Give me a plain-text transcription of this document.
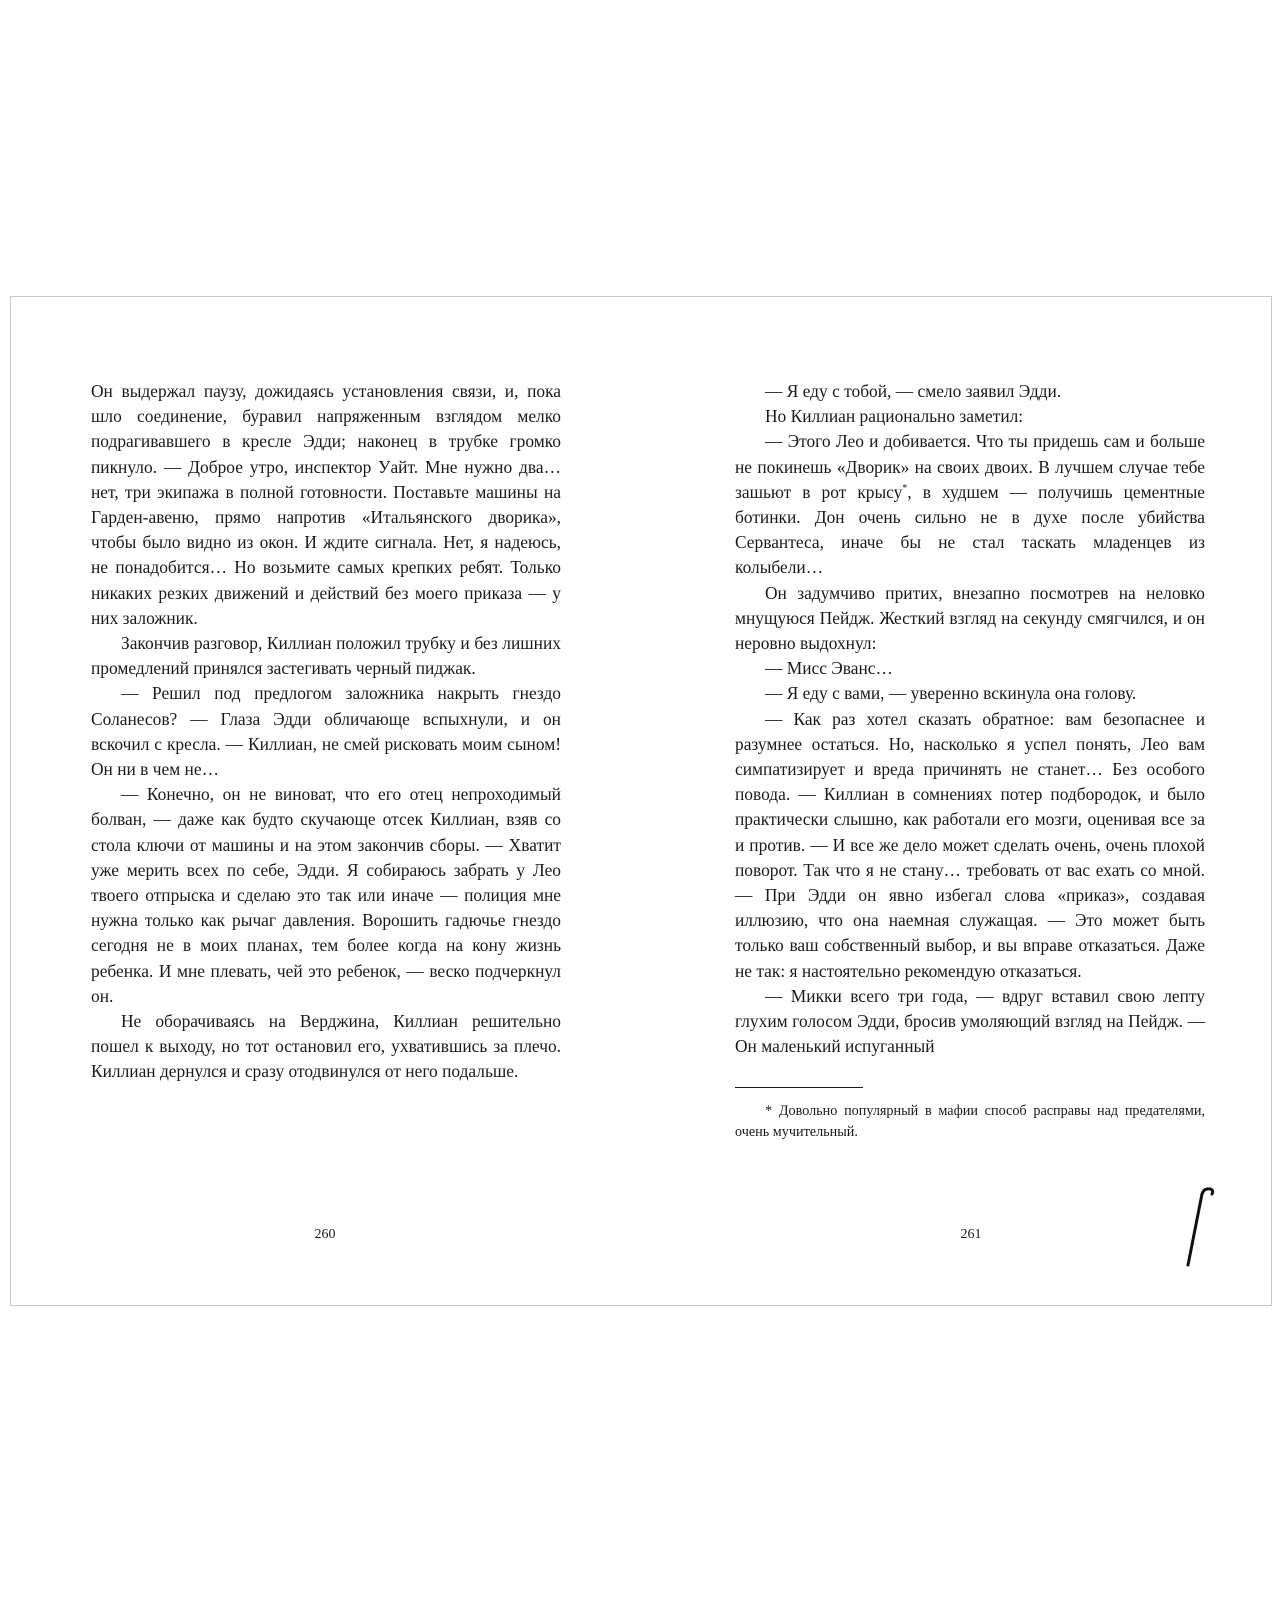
Он выдержал паузу, дожидаясь установления связи, и, пока шло соединение, буравил напряженным взглядом мелко подрагивавшего в кресле Эдди; наконец в трубке громко пикнуло. — Доброе утро, инспектор Уайт. Мне нужно два… нет, три экипажа в полной готовности. Поставьте машины на Гарден-авеню, прямо напротив «Итальянского дворика», чтобы было видно из окон. И ждите сигнала. Нет, я надеюсь, не понадобится… Но возьмите самых крепких ребят. Только никаких резких движений и действий без моего приказа — у них заложник.

Закончив разговор, Киллиан положил трубку и без лишних промедлений принялся застегивать черный пиджак.

— Решил под предлогом заложника накрыть гнездо Соланесов? — Глаза Эдди обличающе вспыхнули, и он вскочил с кресла. — Киллиан, не смей рисковать моим сыном! Он ни в чем не…

— Конечно, он не виноват, что его отец непроходимый болван, — даже как будто скучающе отсек Киллиан, взяв со стола ключи от машины и на этом закончив сборы. — Хватит уже мерить всех по себе, Эдди. Я собираюсь забрать у Лео твоего отпрыска и сделаю это так или иначе — полиция мне нужна только как рычаг давления. Ворошить гадючье гнездо сегодня не в моих планах, тем более когда на кону жизнь ребенка. И мне плевать, чей это ребенок, — веско подчеркнул он.

Не оборачиваясь на Верджина, Киллиан решительно пошел к выходу, но тот остановил его, ухватившись за плечо. Киллиан дернулся и сразу отодвинулся от него подальше.

— Я еду с тобой, — смело заявил Эдди.

Но Киллиан рационально заметил:

— Этого Лео и добивается. Что ты придешь сам и больше не покинешь «Дворик» на своих двоих. В лучшем случае тебе зашьют в рот крысу*, в худшем — получишь цементные ботинки. Дон очень сильно не в духе после убийства Сервантеса, иначе бы не стал таскать младенцев из колыбели…

Он задумчиво притих, внезапно посмотрев на неловко мнущуюся Пейдж. Жесткий взгляд на секунду смягчился, и он неровно выдохнул:

— Мисс Эванс…

— Я еду с вами, — уверенно вскинула она голову.

— Как раз хотел сказать обратное: вам безопаснее и разумнее остаться. Но, насколько я успел понять, Лео вам симпатизирует и вреда причинять не станет… Без особого повода. — Киллиан в сомнениях потер подбородок, и было практически слышно, как работали его мозги, оценивая все за и против. — И все же дело может сделать очень, очень плохой поворот. Так что я не стану… требовать от вас ехать со мной. — При Эдди он явно избегал слова «приказ», создавая иллюзию, что она наемная служащая. — Это может быть только ваш собственный выбор, и вы вправе отказаться. Даже не так: я настоятельно рекомендую отказаться.

— Микки всего три года, — вдруг вставил свою лепту глухим голосом Эдди, бросив умоляющий взгляд на Пейдж. — Он маленький испуганный

* Довольно популярный в мафии способ расправы над предателями, очень мучительный.

260	261
